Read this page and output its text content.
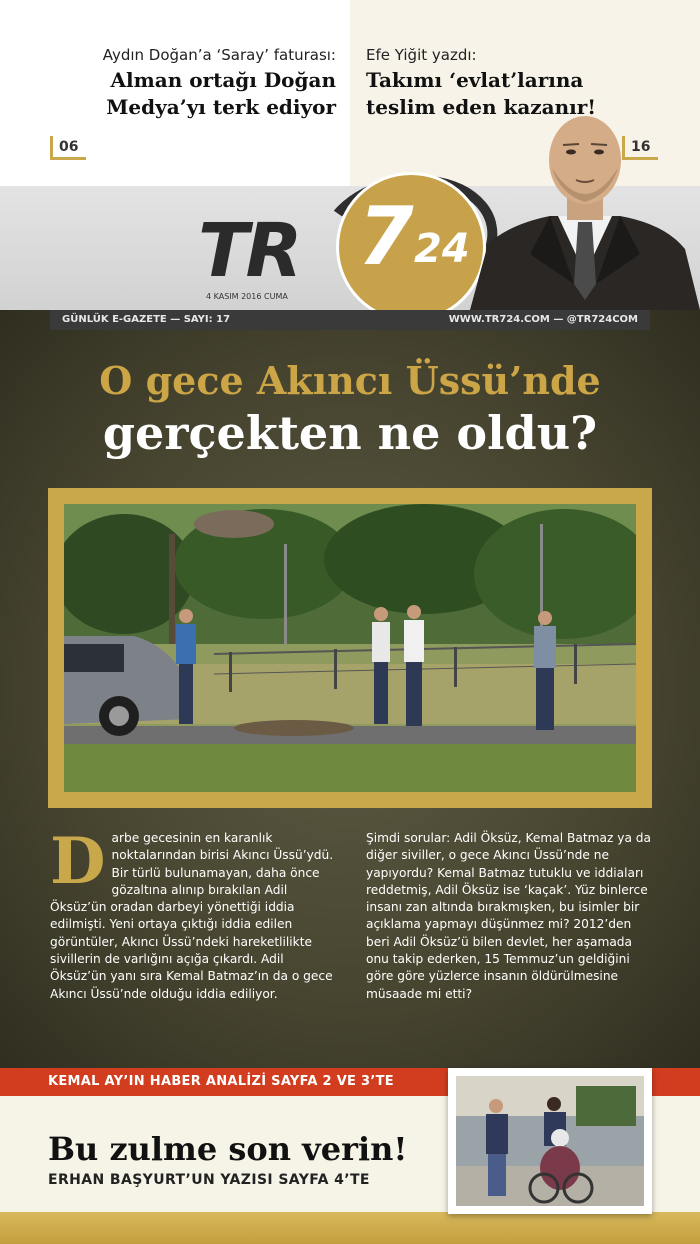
Aydın Doğan’a ‘Saray’ faturası:
Alman ortağı Doğan Medya’yı terk ediyor
06
Efe Yiğit yazdı:
Takımı ‘evlat’larına teslim eden kazanır!
16
TR 7 24
4 KASIM 2016 CUMA
GÜNLÜK E-GAZETE — SAYI: 17	WWW.TR724.COM — @TR724COM
O gece Akıncı Üssü’nde
gerçekten ne oldu?
D arbe gecesinin en karanlık noktalarından birisi Akıncı Üssü’ydü. Bir türlü bulunamayan, daha önce gözaltına alınıp bırakılan Adil Öksüz’ün oradan darbeyi yönettiği iddia edilmişti. Yeni ortaya çıktığı iddia edilen görüntüler, Akıncı Üssü’ndeki hareketlilikte sivillerin de varlığını açığa çıkardı. Adil Öksüz’ün yanı sıra Kemal Batmaz’ın da o gece Akıncı Üssü’nde olduğu iddia ediliyor.
Şimdi sorular: Adil Öksüz, Kemal Batmaz ya da diğer siviller, o gece Akıncı Üssü’nde ne yapıyordu? Kemal Batmaz tutuklu ve iddiaları reddetmiş, Adil Öksüz ise ‘kaçak’. Yüz binlerce insanı zan altında bırakmışken, bu isimler bir açıklama yapmayı düşünmez mi? 2012’den beri Adil Öksüz’ü bilen devlet, her aşamada onu takip ederken, 15 Temmuz’un geldiğini göre göre yüzlerce insanın öldürülmesine müsaade mi etti?
KEMAL AY’IN HABER ANALİZİ SAYFA 2 VE 3’TE
Bu zulme son verin!
ERHAN BAŞYURT’UN YAZISI SAYFA 4’TE
